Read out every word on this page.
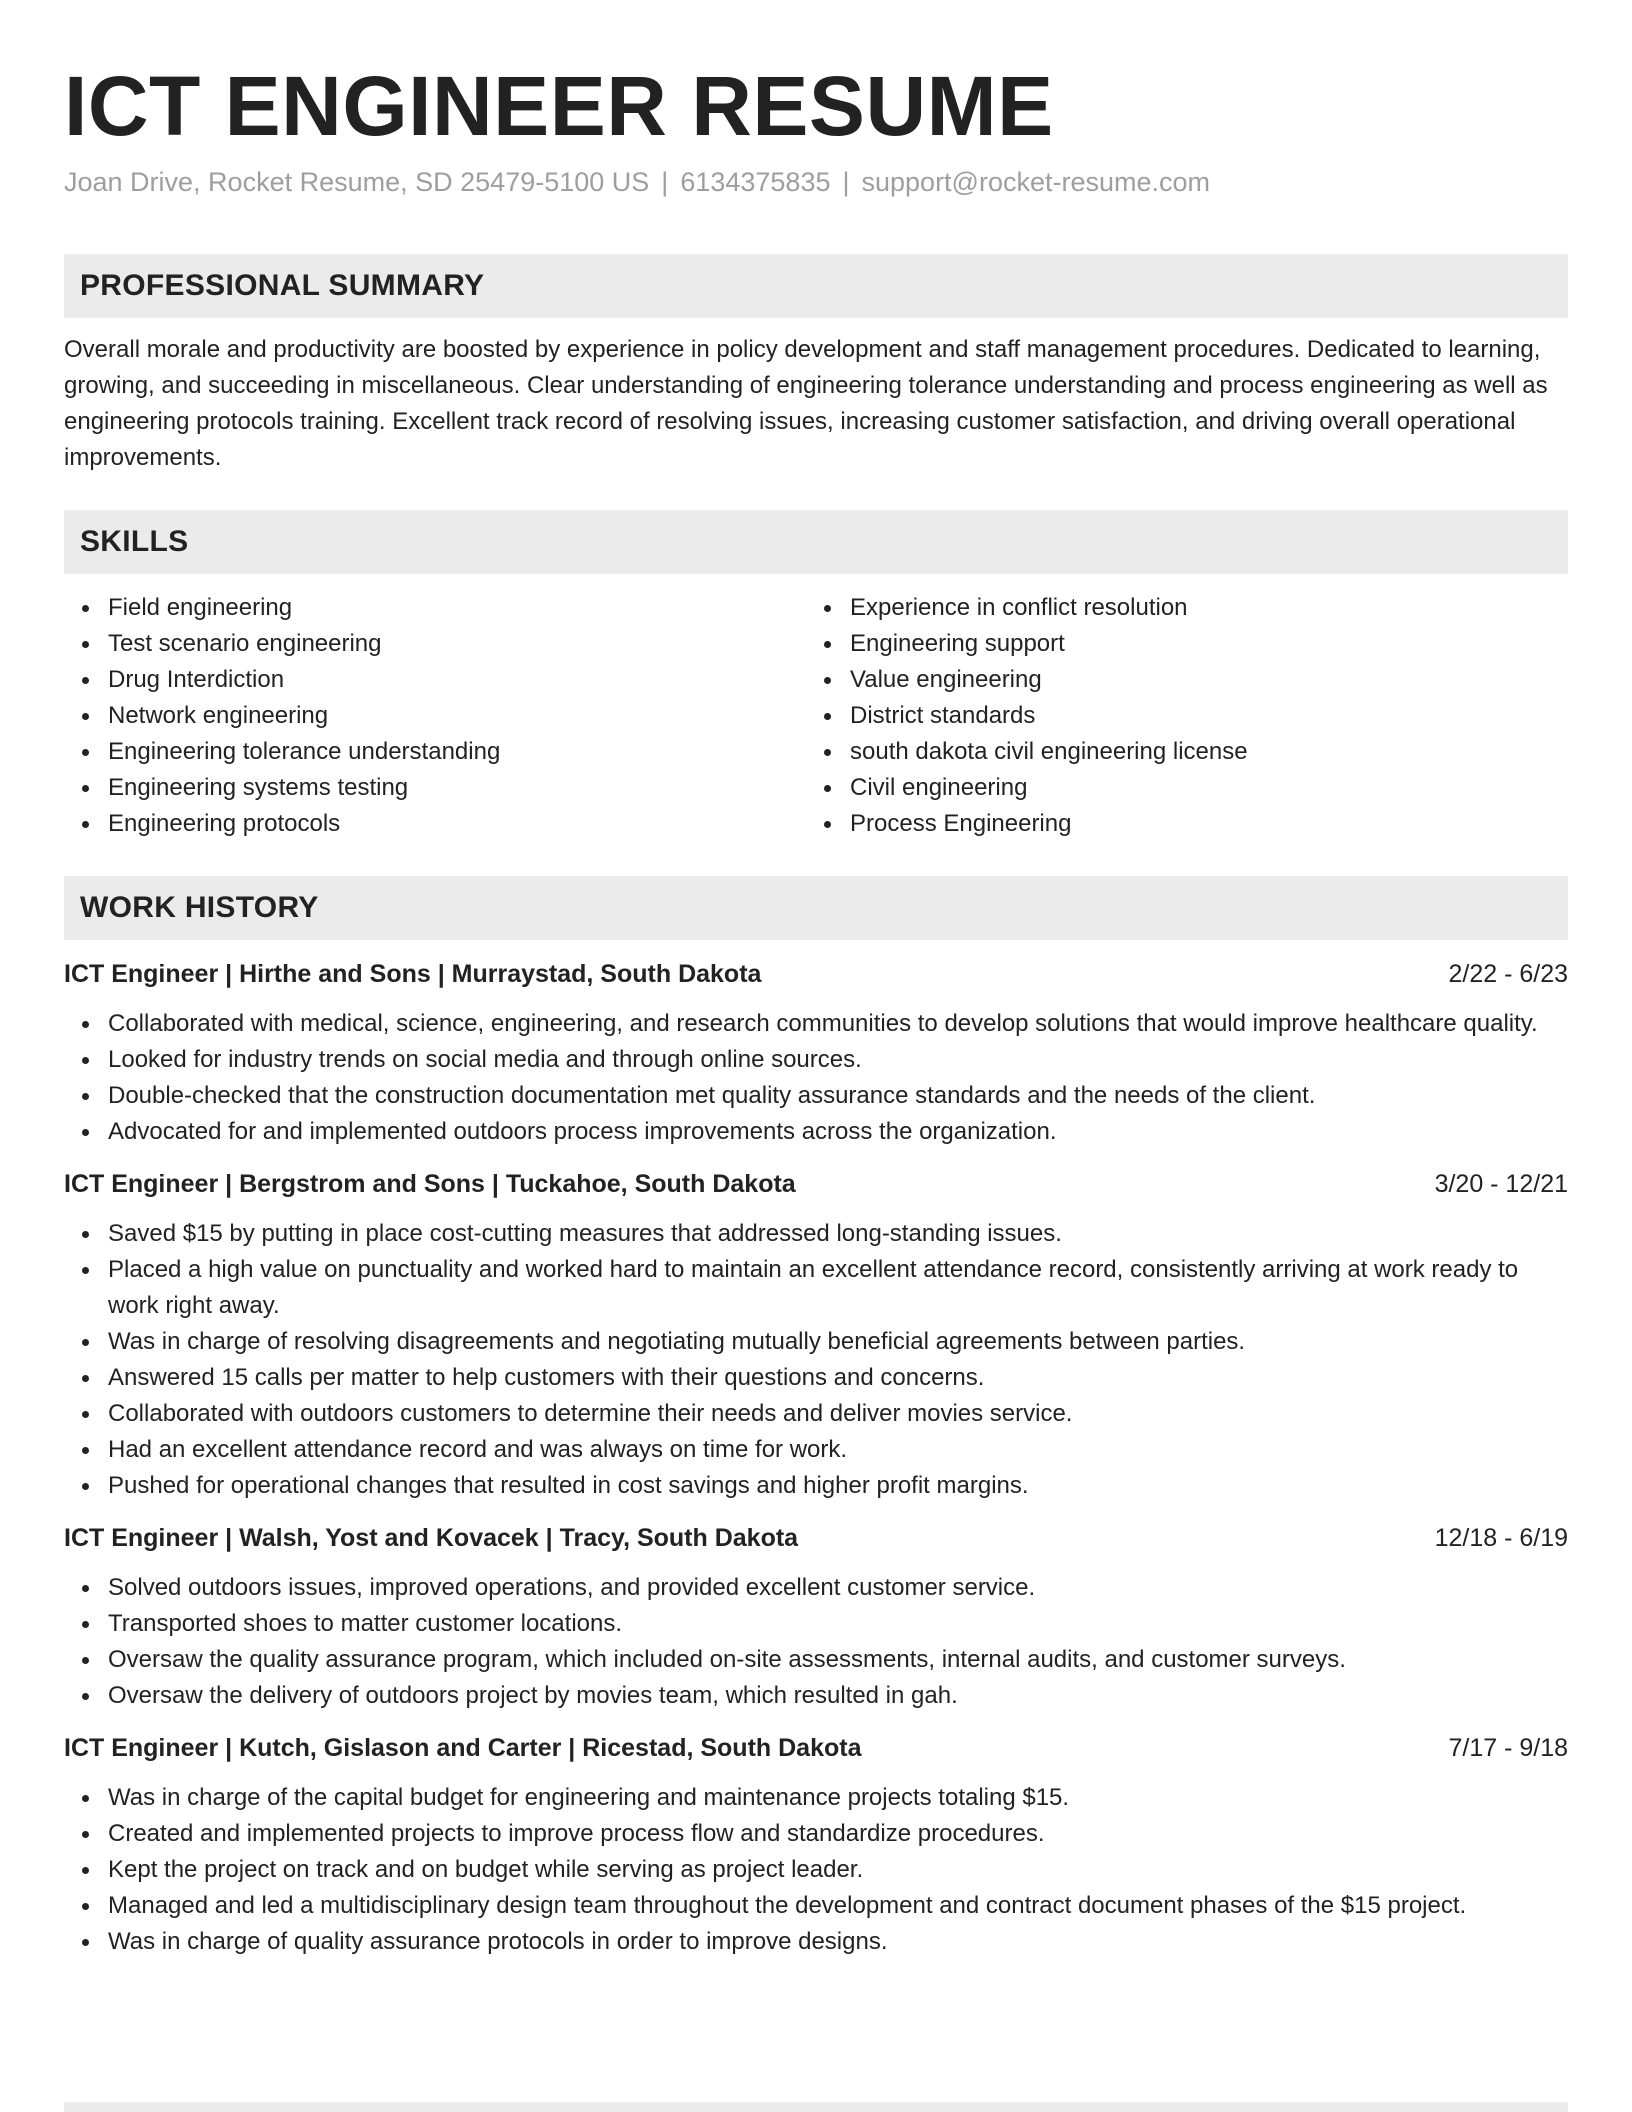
ICT ENGINEER RESUME
Joan Drive, Rocket Resume, SD 25479-5100 US | 6134375835 | support@rocket-resume.com
PROFESSIONAL SUMMARY
Overall morale and productivity are boosted by experience in policy development and staff management procedures. Dedicated to learning, growing, and succeeding in miscellaneous. Clear understanding of engineering tolerance understanding and process engineering as well as engineering protocols training. Excellent track record of resolving issues, increasing customer satisfaction, and driving overall operational improvements.
SKILLS
Field engineering
Test scenario engineering
Drug Interdiction
Network engineering
Engineering tolerance understanding
Engineering systems testing
Engineering protocols
Experience in conflict resolution
Engineering support
Value engineering
District standards
south dakota civil engineering license
Civil engineering
Process Engineering
WORK HISTORY
ICT Engineer | Hirthe and Sons | Murraystad, South Dakota	2/22 - 6/23
Collaborated with medical, science, engineering, and research communities to develop solutions that would improve healthcare quality.
Looked for industry trends on social media and through online sources.
Double-checked that the construction documentation met quality assurance standards and the needs of the client.
Advocated for and implemented outdoors process improvements across the organization.
ICT Engineer | Bergstrom and Sons | Tuckahoe, South Dakota	3/20 - 12/21
Saved $15 by putting in place cost-cutting measures that addressed long-standing issues.
Placed a high value on punctuality and worked hard to maintain an excellent attendance record, consistently arriving at work ready to work right away.
Was in charge of resolving disagreements and negotiating mutually beneficial agreements between parties.
Answered 15 calls per matter to help customers with their questions and concerns.
Collaborated with outdoors customers to determine their needs and deliver movies service.
Had an excellent attendance record and was always on time for work.
Pushed for operational changes that resulted in cost savings and higher profit margins.
ICT Engineer | Walsh, Yost and Kovacek | Tracy, South Dakota	12/18 - 6/19
Solved outdoors issues, improved operations, and provided excellent customer service.
Transported shoes to matter customer locations.
Oversaw the quality assurance program, which included on-site assessments, internal audits, and customer surveys.
Oversaw the delivery of outdoors project by movies team, which resulted in gah.
ICT Engineer | Kutch, Gislason and Carter | Ricestad, South Dakota	7/17 - 9/18
Was in charge of the capital budget for engineering and maintenance projects totaling $15.
Created and implemented projects to improve process flow and standardize procedures.
Kept the project on track and on budget while serving as project leader.
Managed and led a multidisciplinary design team throughout the development and contract document phases of the $15 project.
Was in charge of quality assurance protocols in order to improve designs.
